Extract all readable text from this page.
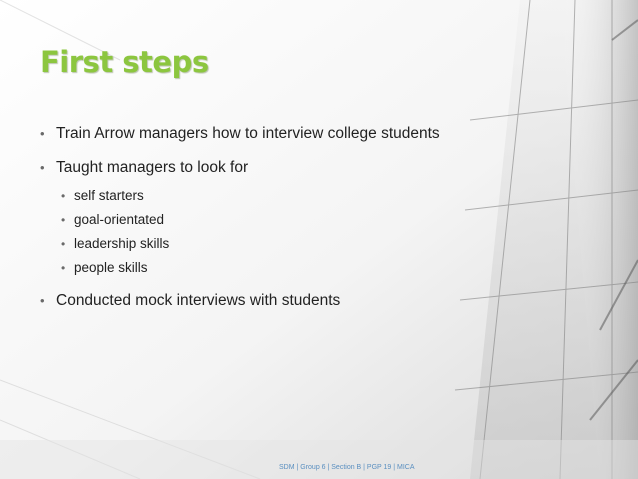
First steps
• Train Arrow managers how to interview college students
• Taught managers to look for
• self starters
• goal-orientated
• leadership skills
• people skills
• Conducted mock interviews with students
SDM | Group 6 | Section B | PGP 19 | MICA
